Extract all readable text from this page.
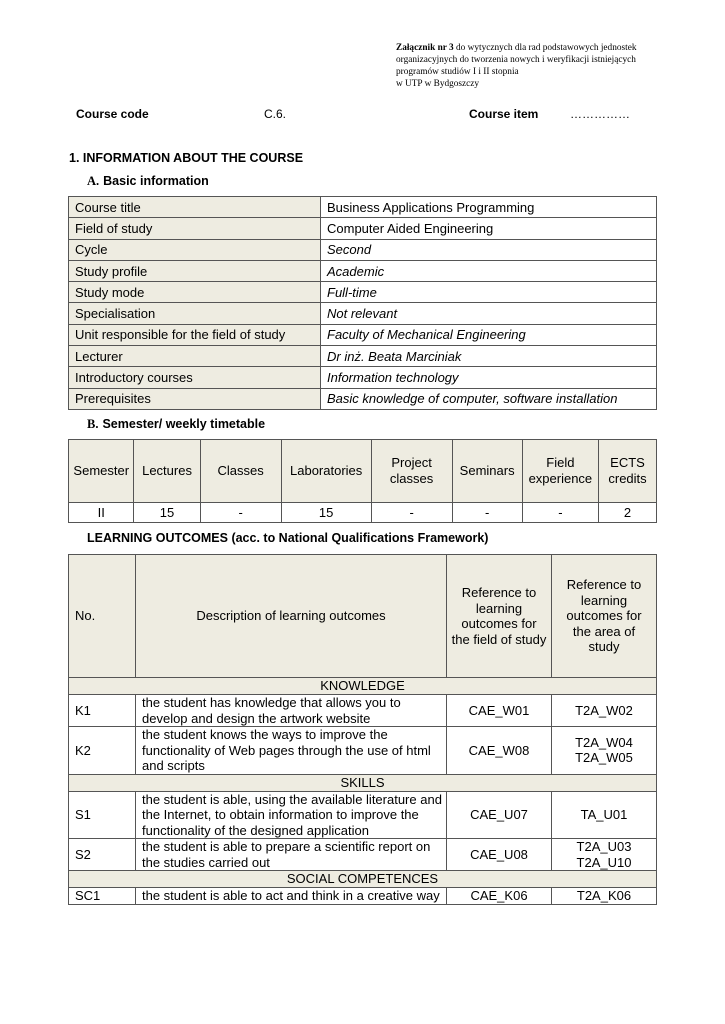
Załącznik nr 3 do wytycznych dla rad podstawowych jednostek
organizacyjnych do tworzenia nowych i weryfikacji istniejących
programów studiów I i II stopnia
w UTP w Bydgoszczy
Course code	C.6.	Course item	……………
1. INFORMATION ABOUT THE COURSE
A. Basic information
Course title	Business Applications Programming
Field of study	Computer Aided Engineering
Cycle	Second
Study profile	Academic
Study mode	Full-time
Specialisation	Not relevant
Unit responsible for the field of study	Faculty of Mechanical Engineering
Lecturer	Dr inż. Beata Marciniak
Introductory courses	Information technology
Prerequisites	Basic knowledge of computer, software installation
B. Semester/ weekly timetable
Semester	Lectures	Classes	Laboratories	Project classes	Seminars	Field experience	ECTS credits
II	15	-	15	-	-	-	2
LEARNING OUTCOMES (acc. to National Qualifications Framework)
No.	Description of learning outcomes	Reference to learning outcomes for the field of study	Reference to learning outcomes for the area of study
KNOWLEDGE			
K1	the student has knowledge that allows you to develop and design the artwork website	CAE_W01	T2A_W02

K2	the student knows the ways to improve the functionality of Web pages through the use of html and scripts	CAE_W08	T2A_W04
T2A_W05

SKILLS			
S1	the student is able, using the available literature and the Internet, to obtain information to improve the functionality of the designed application	CAE_U07	TA_U01

S2	the student is able to prepare a scientific report on the studies carried out	CAE_U08	T2A_U03
T2A_U10

SOCIAL COMPETENCES			
SC1	the student is able to act and think in a creative way	CAE_K06	T2A_K06
